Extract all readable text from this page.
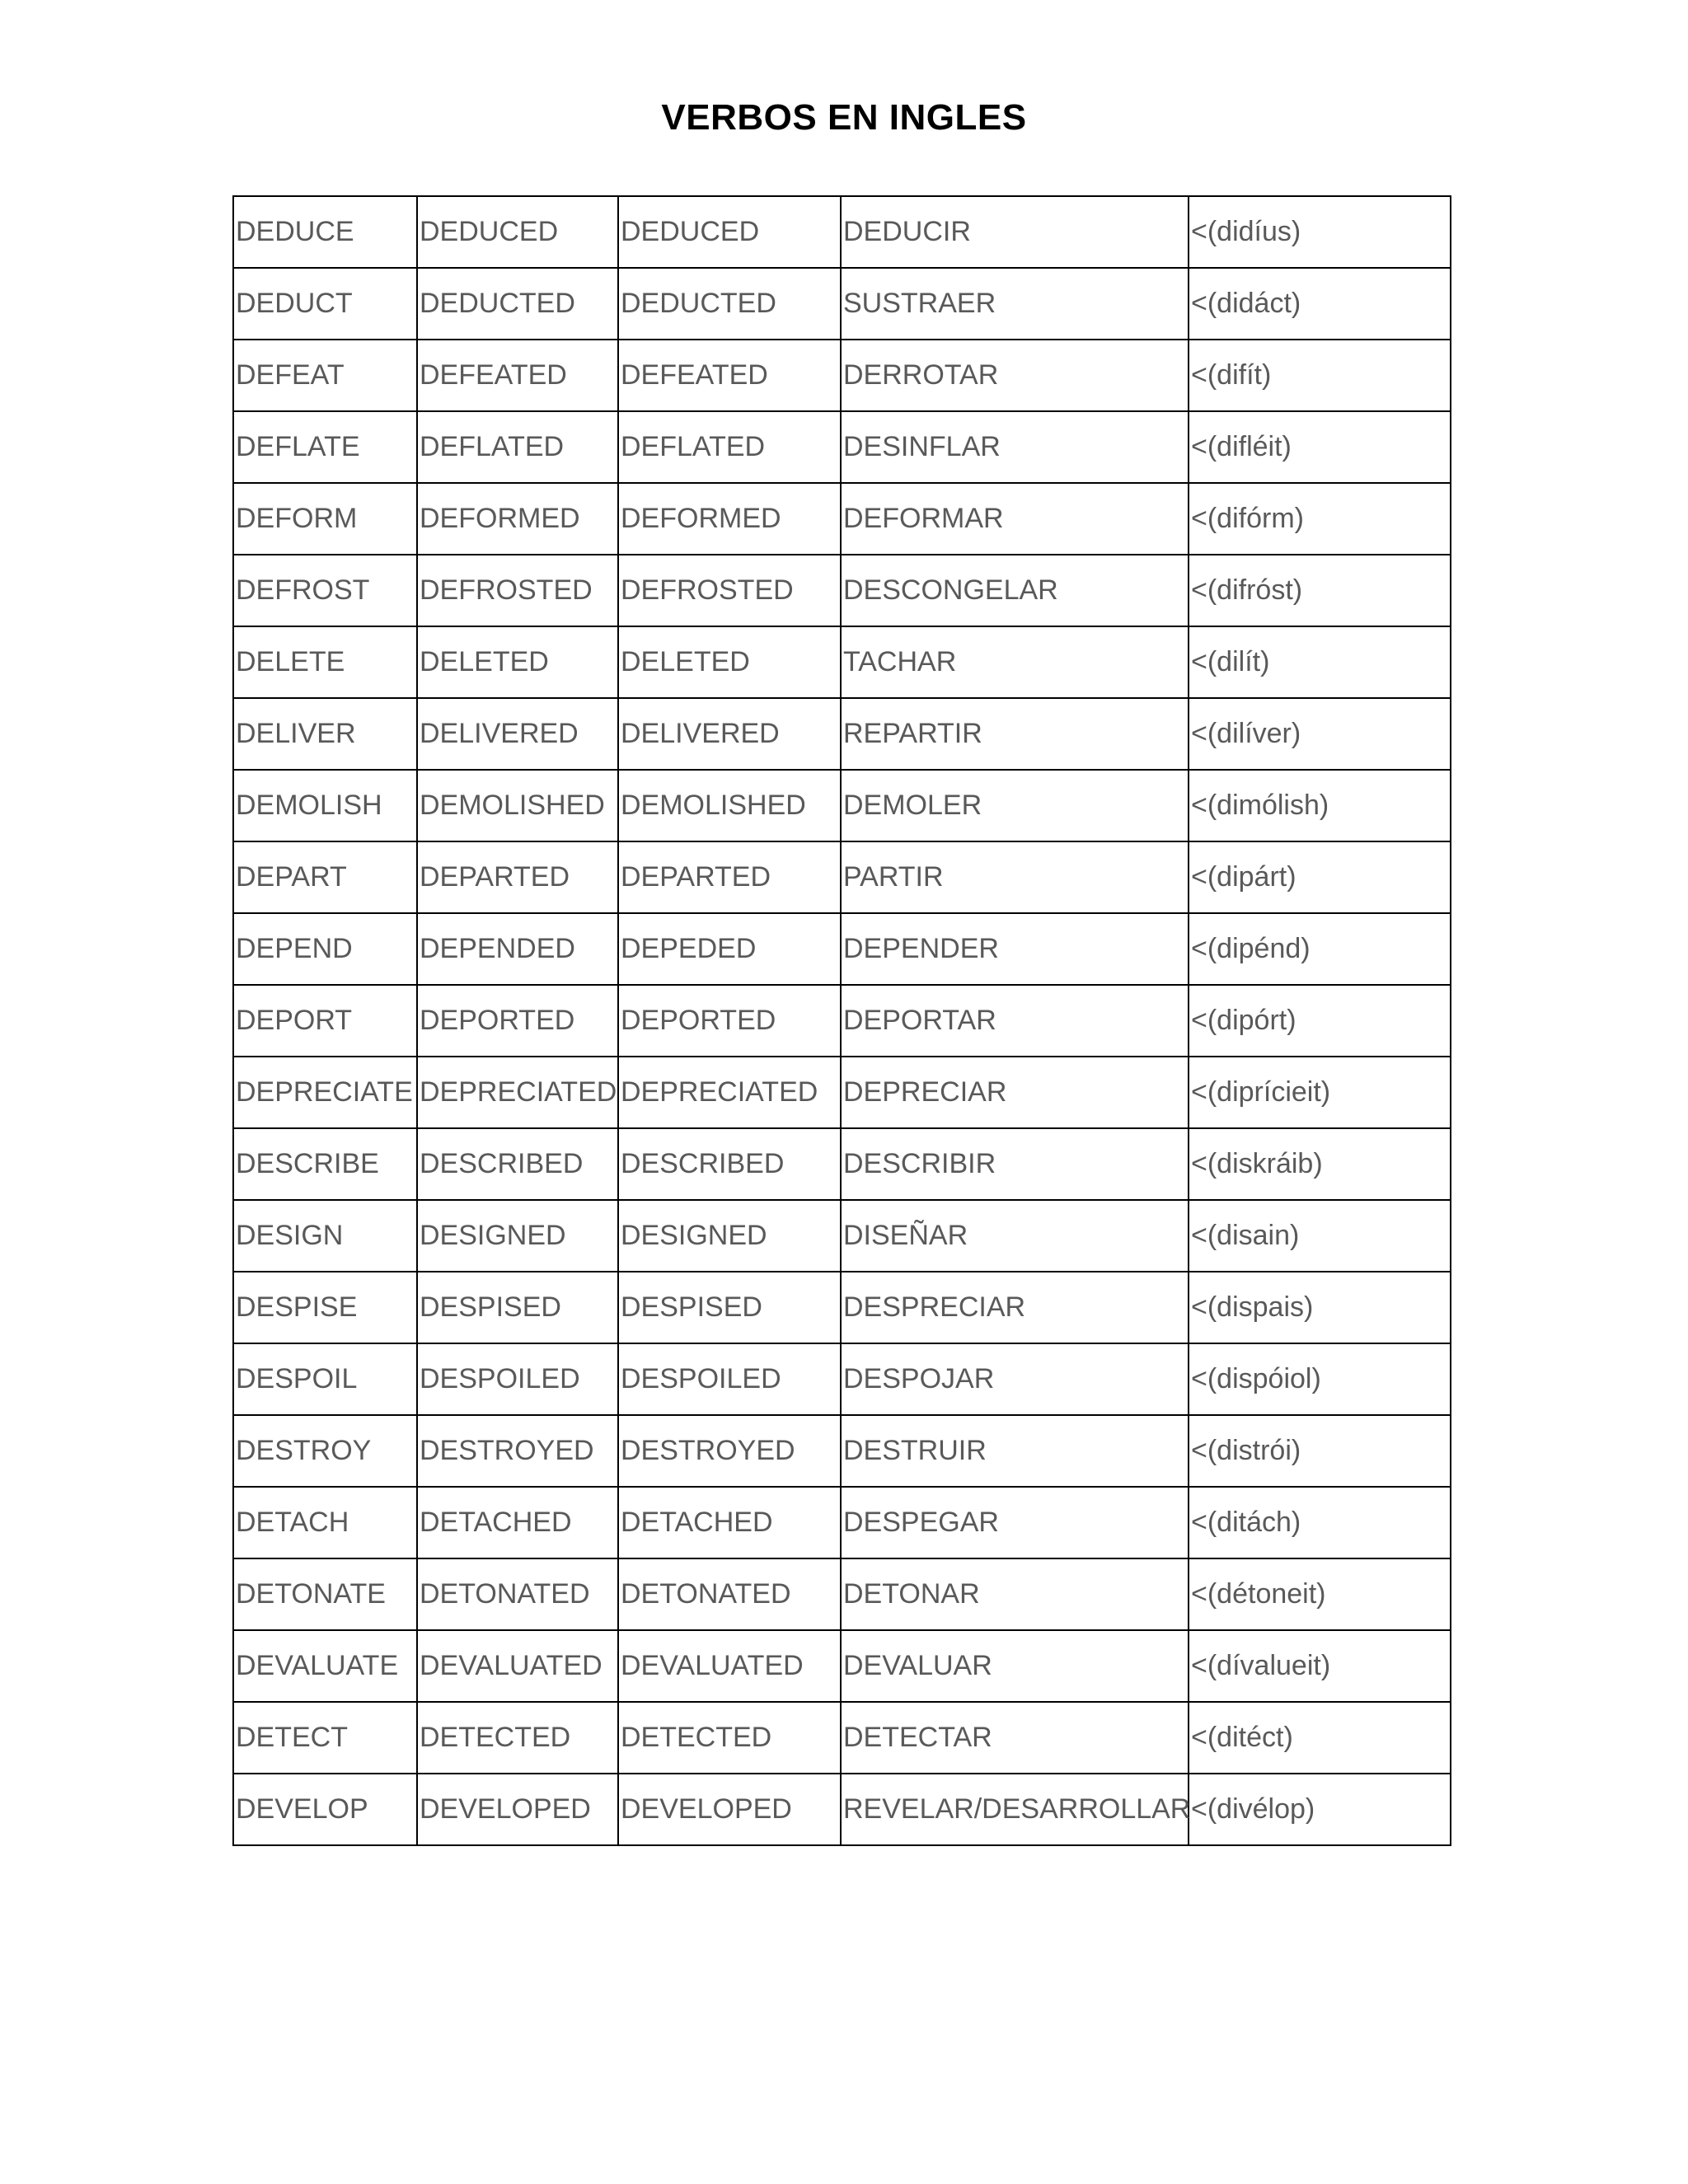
VERBOS EN INGLES
DEDUCE	DEDUCED	DEDUCED	DEDUCIR	<(didíus)
DEDUCT	DEDUCTED	DEDUCTED	SUSTRAER	<(didáct)
DEFEAT	DEFEATED	DEFEATED	DERROTAR	<(difít)
DEFLATE	DEFLATED	DEFLATED	DESINFLAR	<(difléit)
DEFORM	DEFORMED	DEFORMED	DEFORMAR	<(difórm)
DEFROST	DEFROSTED	DEFROSTED	DESCONGELAR	<(difróst)
DELETE	DELETED	DELETED	TACHAR	<(dilít)
DELIVER	DELIVERED	DELIVERED	REPARTIR	<(dilíver)
DEMOLISH	DEMOLISHED	DEMOLISHED	DEMOLER	<(dimólish)
DEPART	DEPARTED	DEPARTED	PARTIR	<(dipárt)
DEPEND	DEPENDED	DEPEDED	DEPENDER	<(dipénd)
DEPORT	DEPORTED	DEPORTED	DEPORTAR	<(dipórt)
DEPRECIATE	DEPRECIATED	DEPRECIATED	DEPRECIAR	<(diprícieit)
DESCRIBE	DESCRIBED	DESCRIBED	DESCRIBIR	<(diskráib)
DESIGN	DESIGNED	DESIGNED	DISEÑAR	<(disain)
DESPISE	DESPISED	DESPISED	DESPRECIAR	<(dispais)
DESPOIL	DESPOILED	DESPOILED	DESPOJAR	<(dispóiol)
DESTROY	DESTROYED	DESTROYED	DESTRUIR	<(distrói)
DETACH	DETACHED	DETACHED	DESPEGAR	<(ditách)
DETONATE	DETONATED	DETONATED	DETONAR	<(détoneit)
DEVALUATE	DEVALUATED	DEVALUATED	DEVALUAR	<(dívalueit)
DETECT	DETECTED	DETECTED	DETECTAR	<(ditéct)
DEVELOP	DEVELOPED	DEVELOPED	REVELAR/DESARROLLAR	<(divélop)
